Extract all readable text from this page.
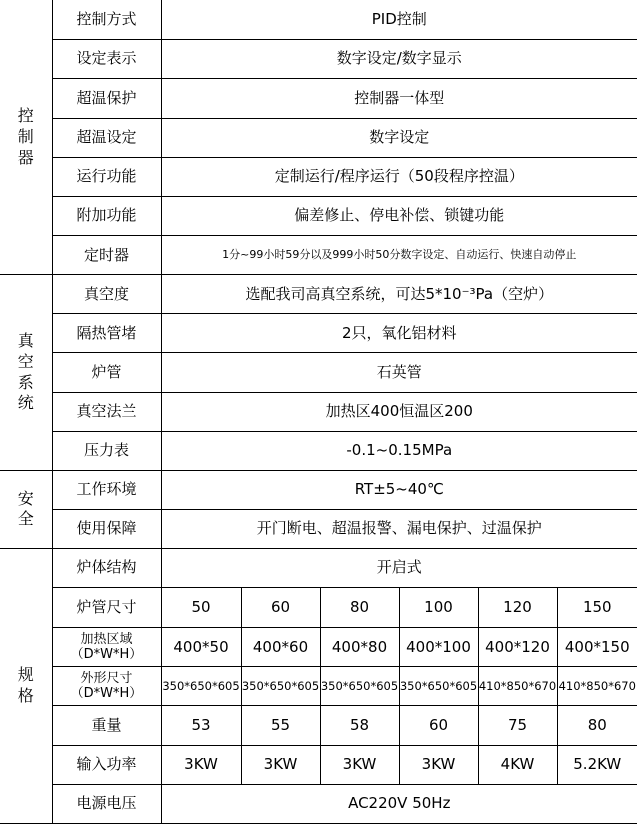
控制器	控制方式	PID控制					
	设定表示	数字设定/数字显示					
	超温保护	控制器一体型					
	超温设定	数字设定					
	运行功能	定制运行/程序运行（50段程序控温）					
	附加功能	偏差修止、停电补偿、锁键功能					
	定时器	1分~99小时59分以及999小时50分数字设定、自动运行、快速自动停止					
真空系统	真空度	选配我司高真空系统，可达5*10⁻³Pa（空炉）					
	隔热管堵	2只，氧化铝材料					
	炉管	石英管					
	真空法兰	加热区400恒温区200					
	压力表	-0.1~0.15MPa					
安全	工作环境	RT±5~40℃					
	使用保障	开门断电、超温报警、漏电保护、过温保护					
规格	炉体结构	开启式					
	炉管尺寸	50	60	80	100	120	150
	加热区域（D*W*H）	400*50	400*60	400*80	400*100	400*120	400*150
	外形尺寸（D*W*H）	350*650*605	350*650*605	350*650*605	350*650*605	410*850*670	410*850*670
	重量	53	55	58	60	75	80
	输入功率	3KW	3KW	3KW	3KW	4KW	5.2KW
	电源电压	AC220V 50Hz					
